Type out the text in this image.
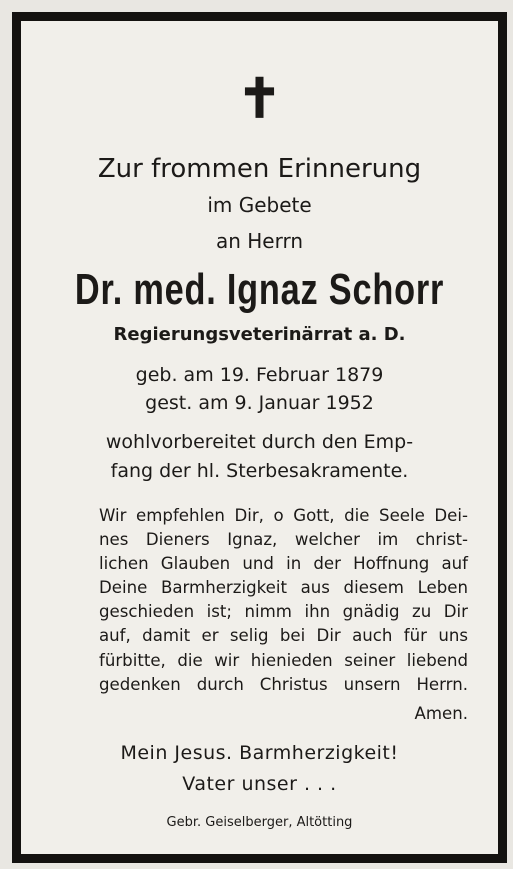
✝
Zur frommen Erinnerung
im Gebete
an Herrn
Dr. med. Ignaz Schorr
Regierungsveterinärrat a. D.
geb. am 19. Februar 1879
gest. am 9. Januar 1952
wohlvorbereitet durch den Emp-
fang der hl. Sterbesakramente.
Wir empfehlen Dir, o Gott, die Seele Dei-
nes Dieners Ignaz, welcher im christ-
lichen Glauben und in der Hoffnung auf
Deine Barmherzigkeit aus diesem Leben
geschieden ist; nimm ihn gnädig zu Dir
auf, damit er selig bei Dir auch für uns
fürbitte, die wir hienieden seiner liebend
gedenken durch Christus unsern Herrn.
Amen.
Mein Jesus. Barmherzigkeit!
Vater unser . . .
Gebr. Geiselberger, Altötting
